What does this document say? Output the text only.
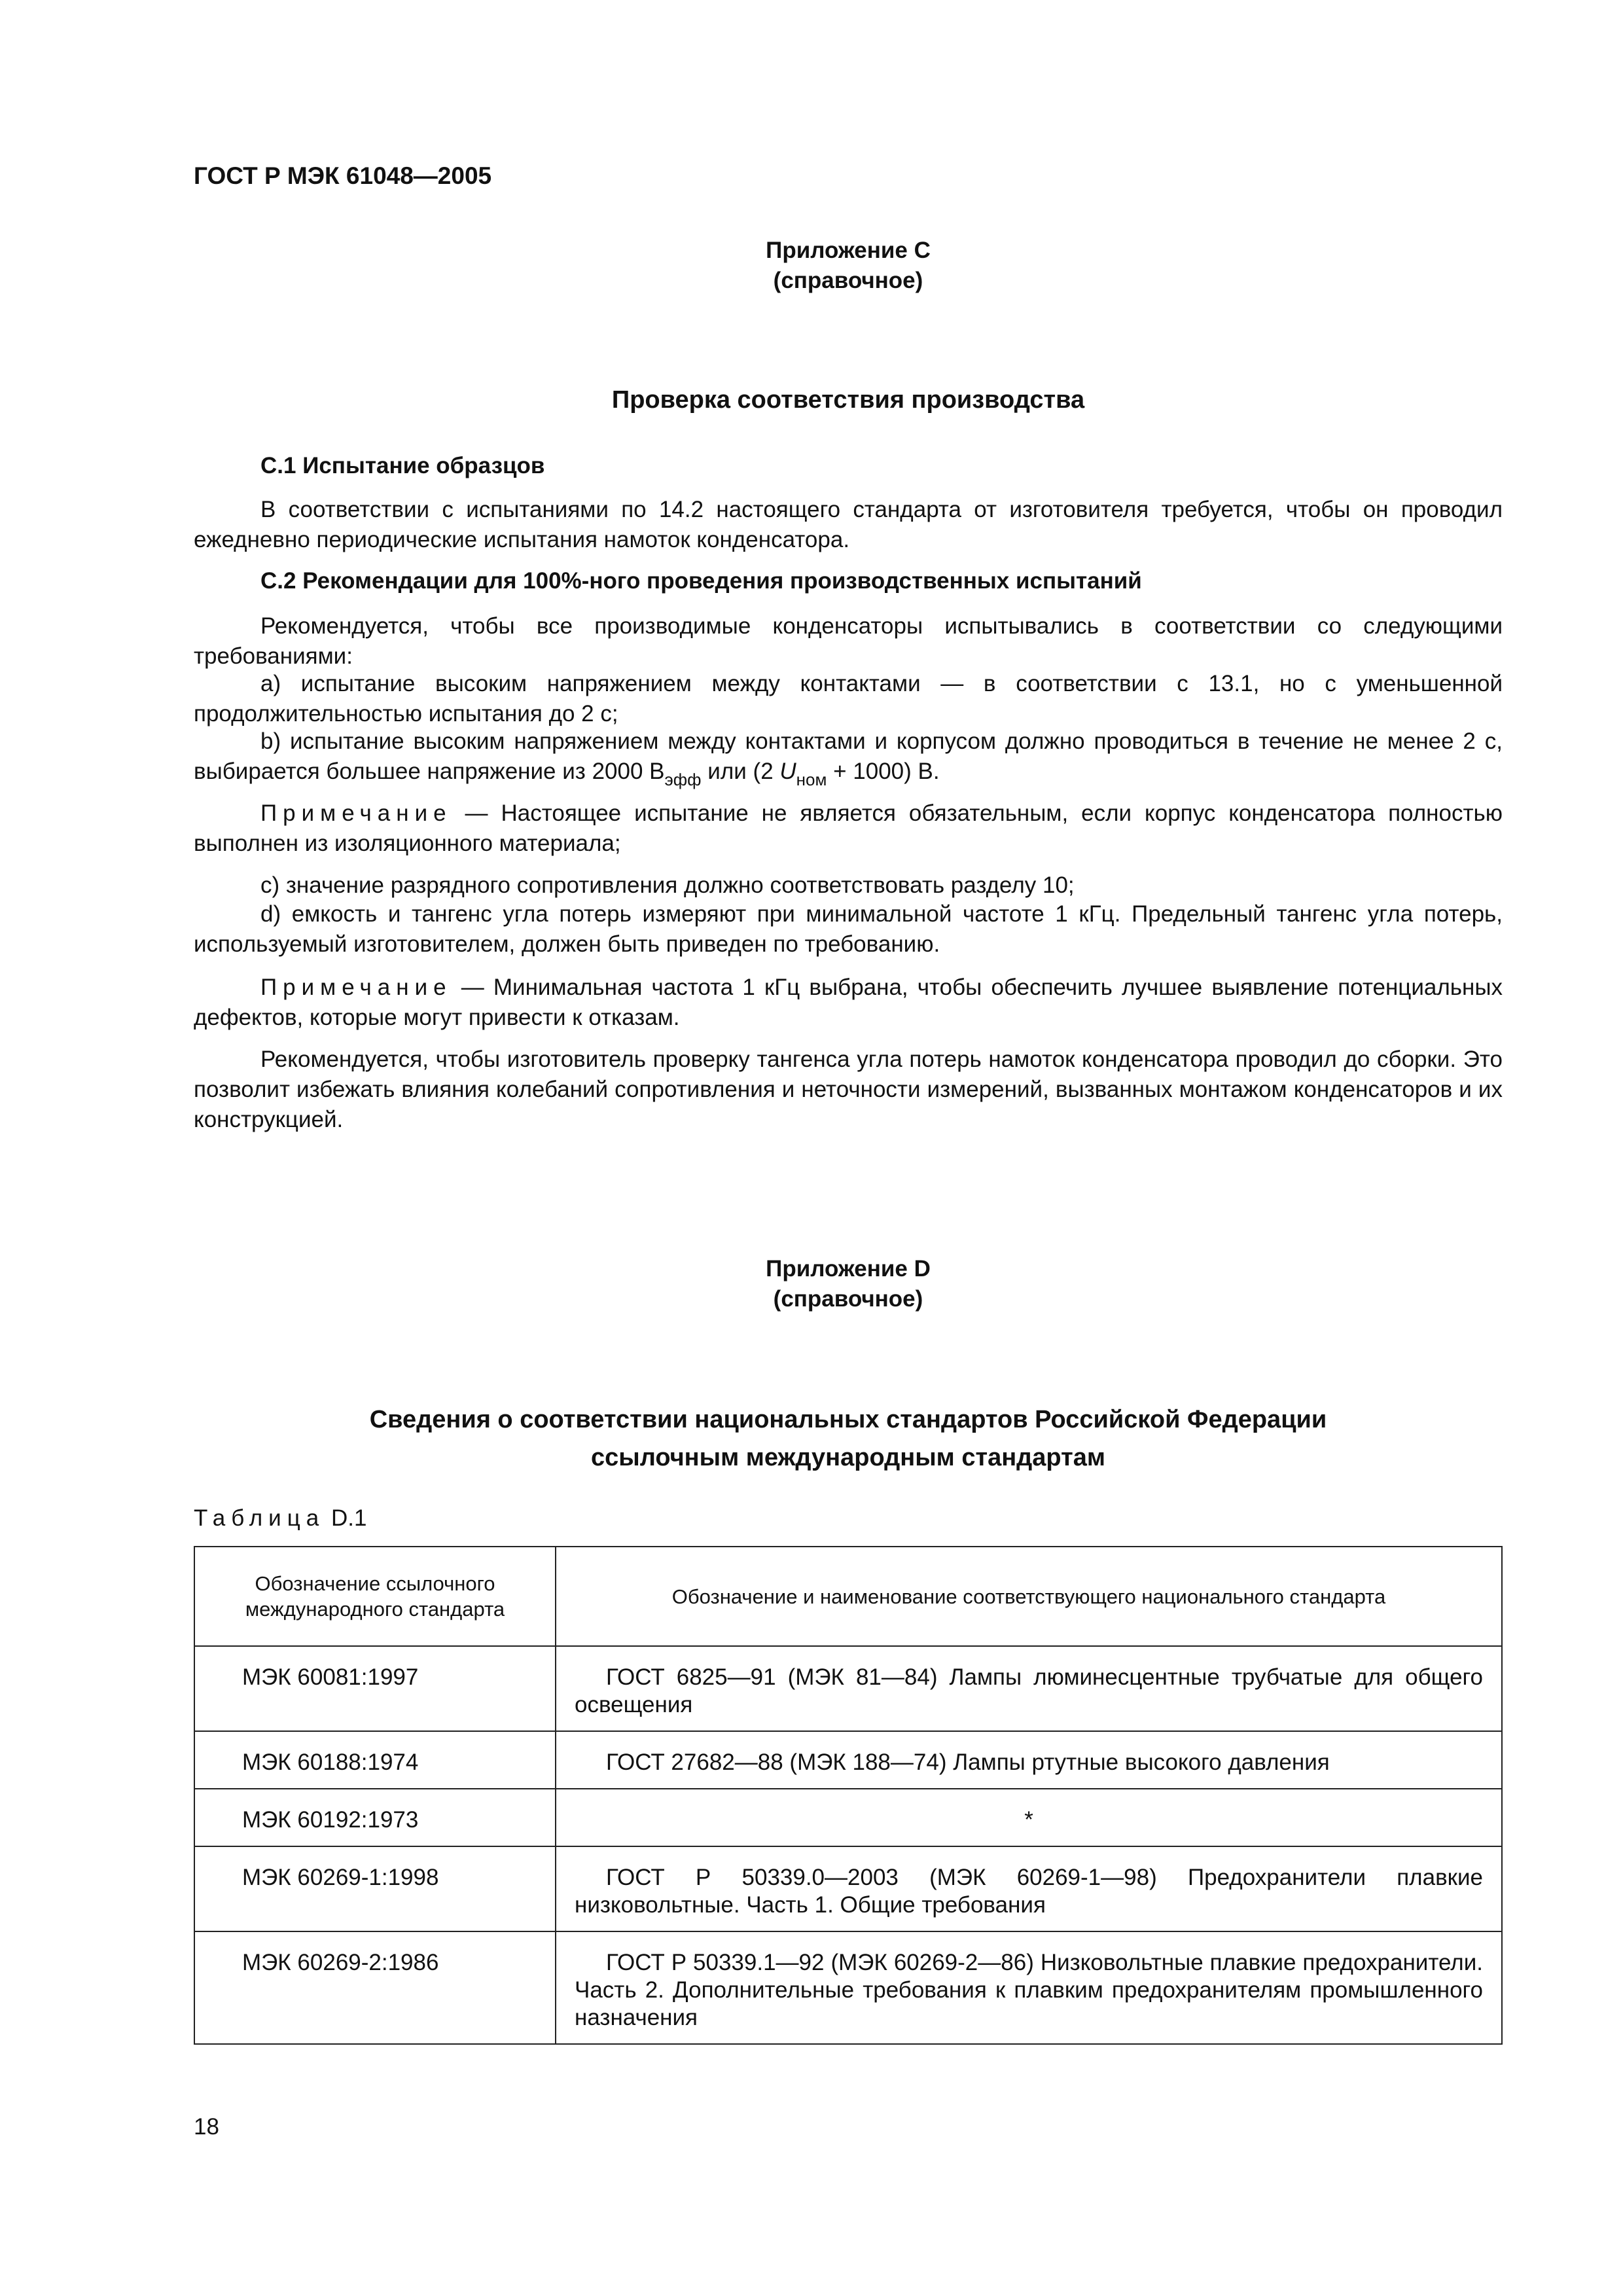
ГОСТ Р МЭК 61048—2005
Приложение С
(справочное)
Проверка соответствия производства
С.1 Испытание образцов

В соответствии с испытаниями по 14.2 настоящего стандарта от изготовителя требуется, чтобы он проводил ежедневно периодические испытания намоток конденсатора.

С.2 Рекомендации для 100%-ного проведения производственных испытаний

Рекомендуется, чтобы все производимые конденсаторы испытывались в соответствии со следующими требованиями:

а) испытание высоким напряжением между контактами — в соответствии с 13.1, но с уменьшенной продолжительностью испытания до 2 с;

b) испытание высоким напряжением между контактами и корпусом должно проводиться в течение не менее 2 с, выбирается большее напряжение из 2000 $В_{эфф}$ или (2 $U_{ном} + 1000$) В.

Примечание — Настоящее испытание не является обязательным, если корпус конденсатора полностью выполнен из изоляционного материала;

с) значение разрядного сопротивления должно соответствовать разделу 10;

d) емкость и тангенс угла потерь измеряют при минимальной частоте 1 кГц. Предельный тангенс угла потерь, используемый изготовителем, должен быть приведен по требованию.

Примечание — Минимальная частота 1 кГц выбрана, чтобы обеспечить лучшее выявление потенциальных дефектов, которые могут привести к отказам.

Рекомендуется, чтобы изготовитель проверку тангенса угла потерь намоток конденсатора проводил до сборки. Это позволит избежать влияния колебаний сопротивления и неточности измерений, вызванных монтажом конденсаторов и их конструкцией.

Приложение D
(справочное)
Сведения о соответствии национальных стандартов Российской Федерации
ссылочным международным стандартам
Таблица D.1
Обозначение ссылочного международного стандарта	Обозначение и наименование соответствующего национального стандарта
МЭК 60081:1997	ГОСТ 6825—91 (МЭК 81—84) Лампы люминесцентные трубчатые для общего освещения
МЭК 60188:1974	ГОСТ 27682—88 (МЭК 188—74) Лампы ртутные высокого давления
МЭК 60192:1973	*
МЭК 60269-1:1998	ГОСТ Р 50339.0—2003 (МЭК 60269-1—98) Предохранители плавкие низковольтные. Часть 1. Общие требования
МЭК 60269-2:1986	ГОСТ Р 50339.1—92 (МЭК 60269-2—86) Низковольтные плавкие предохранители. Часть 2. Дополнительные требования к плавким предохранителям промышленного назначения
18
